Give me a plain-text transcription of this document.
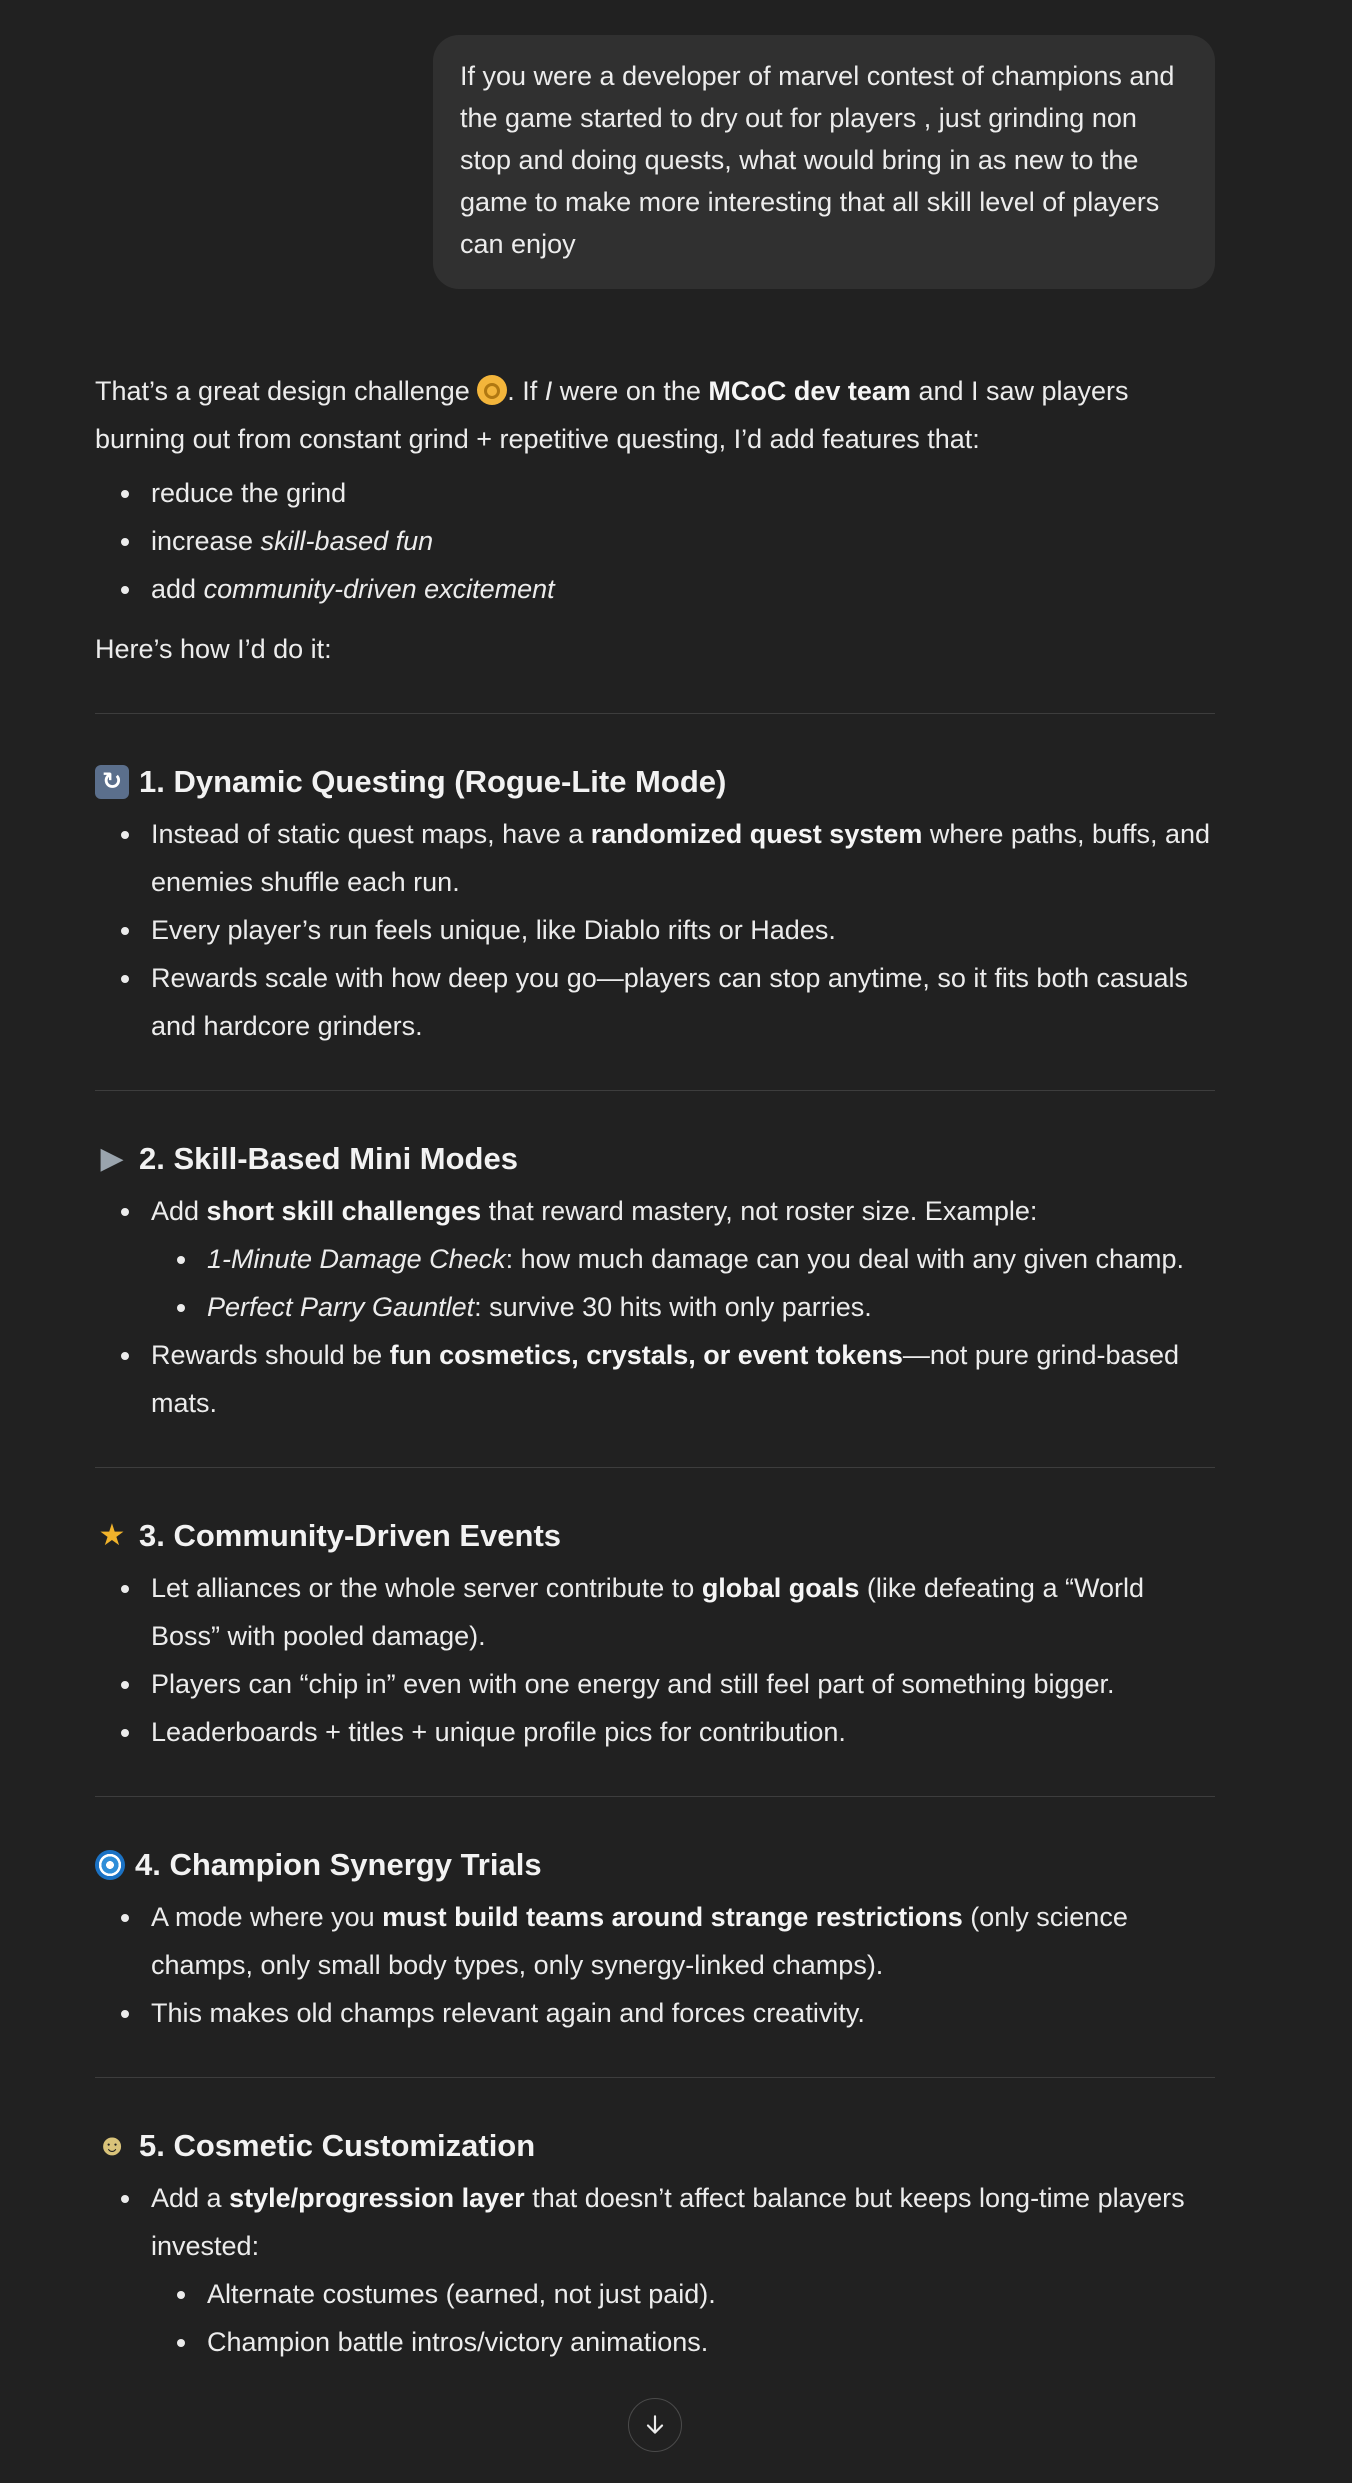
If you were a developer of marvel contest of champions and the game started to dry out for players , just grinding non stop and doing quests, what would bring in as new to the game to make more interesting that all skill level of players can enjoy

That’s a great design challenge . If I were on the MCoC dev team and I saw players burning out from constant grind + repetitive questing, I’d add features that:

reduce the grind
increase skill-based fun
add community-driven excitement

Here’s how I’d do it:

↻ 1. Dynamic Questing (Rogue-Lite Mode)
Instead of static quest maps, have a randomized quest system where paths, buffs, and enemies shuffle each run.
Every player’s run feels unique, like Diablo rifts or Hades.
Rewards scale with how deep you go—players can stop anytime, so it fits both casuals and hardcore grinders.
▶ 2. Skill-Based Mini Modes
Add short skill challenges that reward mastery, not roster size. Example:
1-Minute Damage Check: how much damage can you deal with any given champ.
Perfect Parry Gauntlet: survive 30 hits with only parries.
Rewards should be fun cosmetics, crystals, or event tokens—not pure grind-based mats.
★ 3. Community-Driven Events
Let alliances or the whole server contribute to global goals (like defeating a “World Boss” with pooled damage).
Players can “chip in” even with one energy and still feel part of something bigger.
Leaderboards + titles + unique profile pics for contribution.
4. Champion Synergy Trials
A mode where you must build teams around strange restrictions (only science champs, only small body types, only synergy-linked champs).
This makes old champs relevant again and forces creativity.
☻ 5. Cosmetic Customization
Add a style/progression layer that doesn’t affect balance but keeps long-time players invested:
Alternate costumes (earned, not just paid).
Champion battle intros/victory animations.
